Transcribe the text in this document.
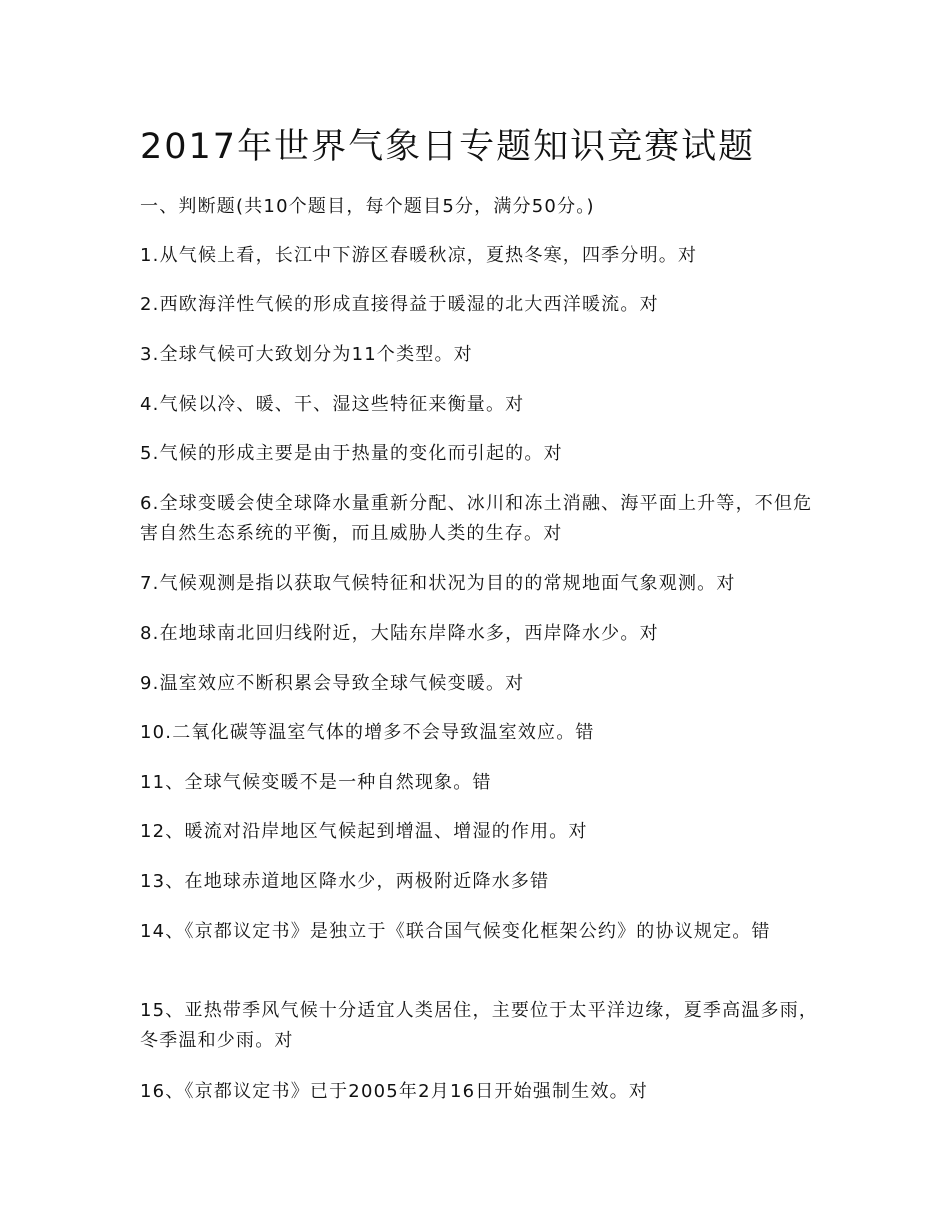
2017年世界气象日专题知识竞赛试题

一、判断题(共10个题目，每个题目5分，满分50分。)

1.从气候上看，长江中下游区春暖秋凉，夏热冬寒，四季分明。对

2.西欧海洋性气候的形成直接得益于暖湿的北大西洋暖流。对

3.全球气候可大致划分为11个类型。对

4.气候以冷、暖、干、湿这些特征来衡量。对

5.气候的形成主要是由于热量的变化而引起的。对

6.全球变暖会使全球降水量重新分配、冰川和冻土消融、海平面上升等，不但危害自然生态系统的平衡，而且威胁人类的生存。对

7.气候观测是指以获取气候特征和状况为目的的常规地面气象观测。对

8.在地球南北回归线附近，大陆东岸降水多，西岸降水少。对

9.温室效应不断积累会导致全球气候变暖。对

10.二氧化碳等温室气体的增多不会导致温室效应。错

11、全球气候变暖不是一种自然现象。错

12、暖流对沿岸地区气候起到增温、增湿的作用。对

13、在地球赤道地区降水少，两极附近降水多错

14、《京都议定书》是独立于《联合国气候变化框架公约》的协议规定。错

15、亚热带季风气候十分适宜人类居住，主要位于太平洋边缘，夏季高温多雨，冬季温和少雨。对

16、《京都议定书》已于2005年2月16日开始强制生效。对
